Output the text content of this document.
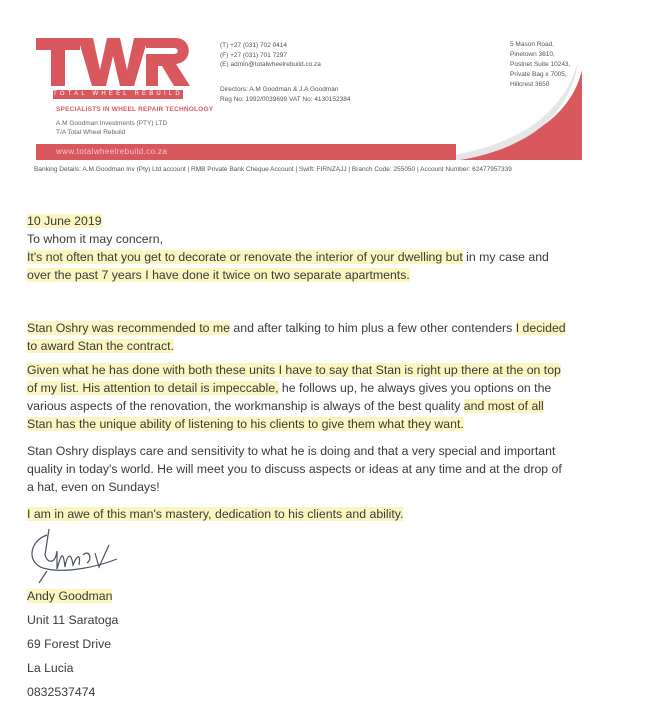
TOTAL WHEEL REBUILD
SPECIALISTS IN WHEEL REPAIR TECHNOLOGY
A.M Goodman Investments (PTY) LTD
T/A Total Wheel Rebuild
(T) +27 (031) 702 0414
(F) +27 (031) 701 7297
(E) admin@totalwheelrebuild.co.za
Directors: A.M Goodman & J.A Goodman
Reg No: 1992/0039699 VAT No: 4130152384
5 Mason Road,
Pinetown 3610,
Postnet Suite 10243,
Private Bag x 7005,
Hillcrest 3650
www.totalwheelrebuild.co.za
Banking Details: A.M.Goodman Inv (Pty) Ltd account | RMB Private Bank Cheque Account | Swift: FIRNZAJJ | Branch Code: 255050 | Account Number: 62477957339

10 June 2019

To whom it may concern,

It's not often that you get to decorate or renovate the interior of your dwelling but in my case and over the past 7 years I have done it twice on two separate apartments.

Stan Oshry was recommended to me and after talking to him plus a few other contenders I decided to award Stan the contract.

Given what he has done with both these units I have to say that Stan is right up there at the on top of my list. His attention to detail is impeccable, he follows up, he always gives you options on the various aspects of the renovation, the workmanship is always of the best quality and most of all Stan has the unique ability of listening to his clients to give them what they want.

Stan Oshry displays care and sensitivity to what he is doing and that a very special and important quality in today's world. He will meet you to discuss aspects or ideas at any time and at the drop of a hat, even on Sundays!

I am in awe of this man's mastery, dedication to his clients and ability.

Andy Goodman

Unit 11 Saratoga
69 Forest Drive
La Lucia
0832537474
